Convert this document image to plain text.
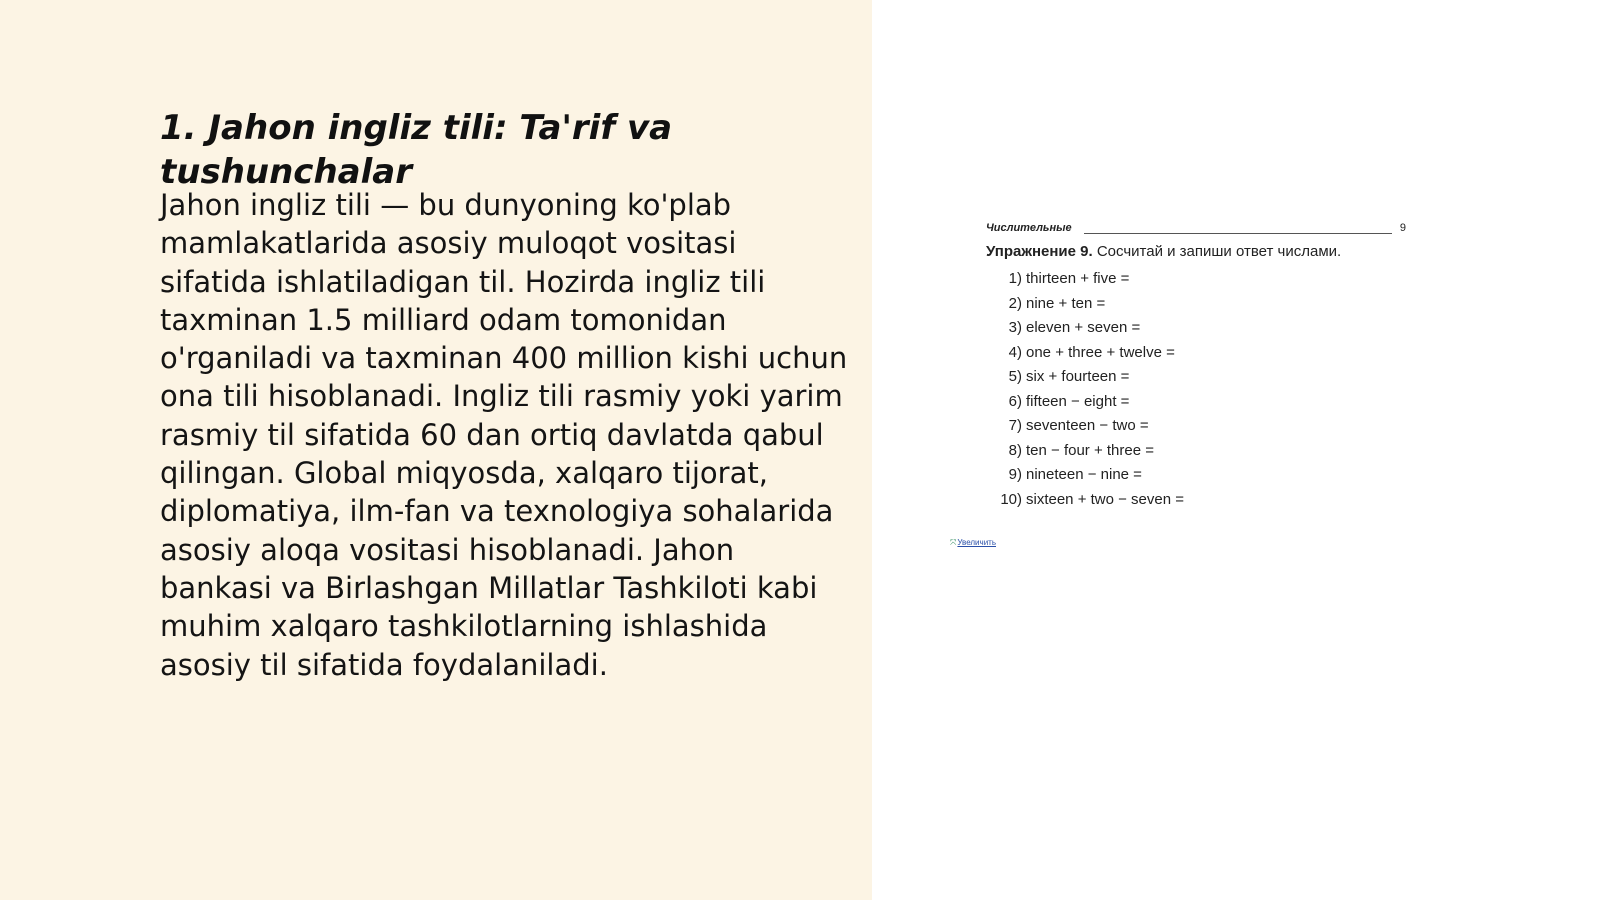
1. Jahon ingliz tili: Ta'rif va tushunchalar

Jahon ingliz tili — bu dunyoning ko'plab mamlakatlarida asosiy muloqot vositasi sifatida ishlatiladigan til. Hozirda ingliz tili taxminan 1.5 milliard odam tomonidan o'rganiladi va taxminan 400 million kishi uchun ona tili hisoblanadi. Ingliz tili rasmiy yoki yarim rasmiy til sifatida 60 dan ortiq davlatda qabul qilingan. Global miqyosda, xalqaro tijorat, diplomatiya, ilm-fan va texnologiya sohalarida asosiy aloqa vositasi hisoblanadi. Jahon bankasi va Birlashgan Millatlar Tashkiloti kabi muhim xalqaro tashkilotlarning ishlashida asosiy til sifatida foydalaniladi.

Числительные	9
Упражнение 9. Сосчитай и запиши ответ числами.
1) thirteen + five =
2) nine + ten =
3) eleven + seven =
4) one + three + twelve =
5) six + fourteen =
6) fifteen − eight =
7) seventeen − two =
8) ten − four + three =
9) nineteen − nine =
10) sixteen + two − seven =
⤧Увеличить
